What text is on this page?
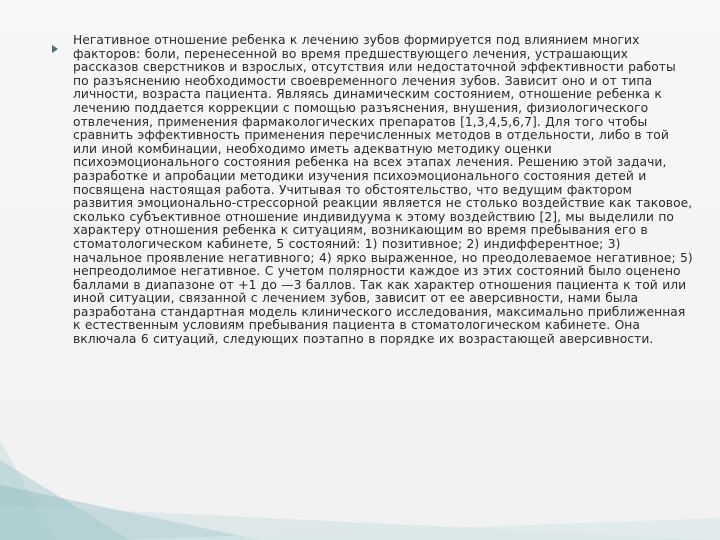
Негативное отношение ребенка к лечению зубов формируется под влиянием многих факторов: боли, перенесенной во время предшествующего лечения, устрашающих рассказов сверстников и взрослых, отсутствия или недостаточной эффективности работы по разъяснению необходимости своевременного лечения зубов. Зависит оно и от типа личности, возраста пациента. Являясь динамическим состоянием, отношение ребенка к лечению поддается коррекции с помощью разъяснения, внушения, физиологического отвлечения, применения фармакологических препаратов [1,3,4,5,6,7]. Для того чтобы сравнить эффективность применения перечисленных методов в отдельности, либо в той или иной комбинации, необходимо иметь адекватную методику оценки психоэмоционального состояния ребенка на всех этапах лечения. Решению этой задачи, разработке и апробации методики изучения психоэмоционального состояния детей и посвящена настоящая работа. Учитывая то обстоятельство, что ведущим фактором развития эмоционально-стрессорной реакции является не столько воздействие как таковое, сколько субъективное отношение индивидуума к этому воздействию [2], мы выделили по характеру отношения ребенка к ситуациям, возникающим во время пребывания его в стоматологическом кабинете, 5 состояний: 1) позитивное; 2) индифферентное; 3) начальное проявление негативного; 4) ярко выраженное, но преодолеваемое негативное; 5) непреодолимое негативное. С учетом полярности каждое из этих состояний было оценено баллами в диапазоне от +1 до —3 баллов. Так как характер отношения пациента к той или иной ситуации, связанной с лечением зубов, зависит от ее аверсивности, нами была разработана стандартная модель клинического исследования, максимально приближенная к естественным условиям пребывания пациента в стоматологическом кабинете. Она включала 6 ситуаций, следующих поэтапно в порядке их возрастающей аверсивности.
